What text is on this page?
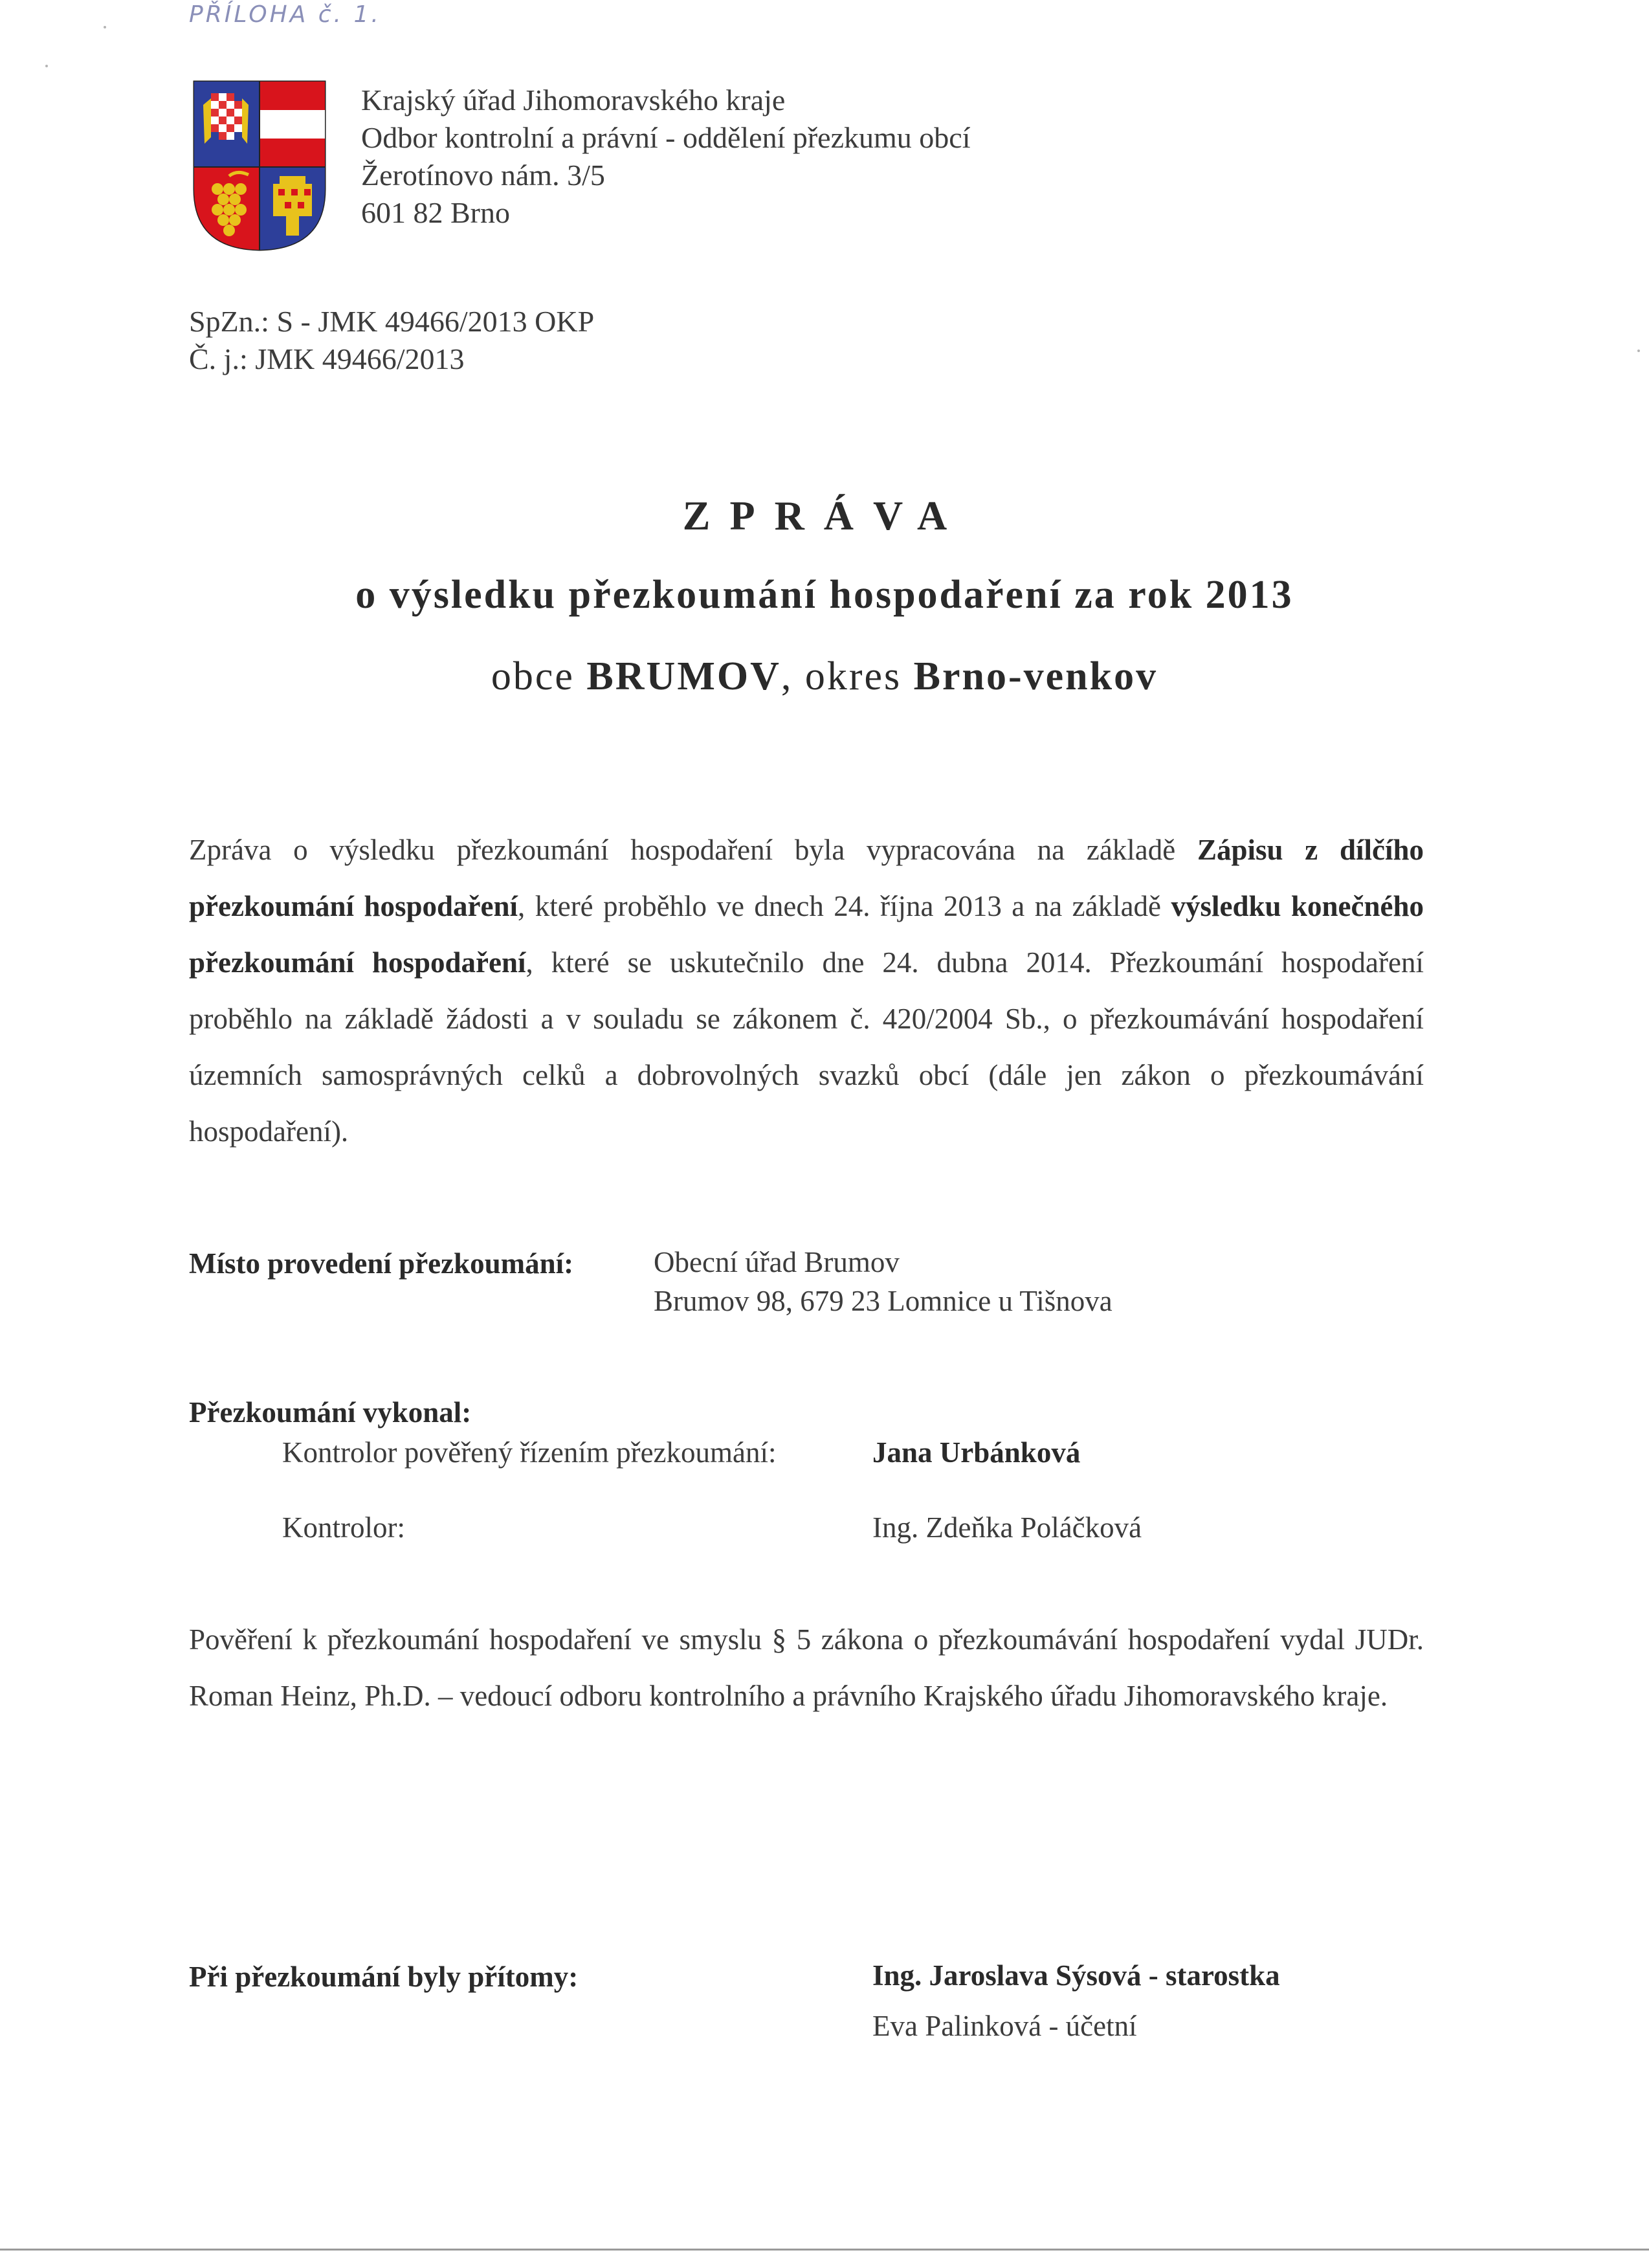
PŘÍLOHA č. 1.
Krajský úřad Jihomoravského kraje
Odbor kontrolní a právní - oddělení přezkumu obcí
Žerotínovo nám. 3/5
601 82 Brno
SpZn.: S - JMK 49466/2013 OKP
Č. j.: JMK 49466/2013
ZPRÁVA
o výsledku přezkoumání hospodaření za rok 2013
obce BRUMOV, okres Brno-venkov
Zpráva o výsledku přezkoumání hospodaření byla vypracována na základě Zápisu z dílčího přezkoumání hospodaření, které proběhlo ve dnech 24. října 2013 a na základě výsledku konečného přezkoumání hospodaření, které se uskutečnilo dne 24. dubna 2014. Přezkoumání hospodaření proběhlo na základě žádosti a v souladu se zákonem č. 420/2004 Sb., o přezkoumávání hospodaření územních samosprávných celků a dobrovolných svazků obcí (dále jen zákon o přezkoumávání hospodaření).
Místo provedení přezkoumání:	Obecní úřad Brumov
Brumov 98, 679 23 Lomnice u Tišnova
Přezkoumání vykonal:
Kontrolor pověřený řízením přezkoumání:	Jana Urbánková
Kontrolor:	Ing. Zdeňka Poláčková
Pověření k přezkoumání hospodaření ve smyslu § 5 zákona o přezkoumávání hospodaření vydal JUDr. Roman Heinz, Ph.D. – vedoucí odboru kontrolního a právního Krajského úřadu Jihomoravského kraje.
Při přezkoumání byly přítomy:	Ing. Jaroslava Sýsová - starostka
Eva Palinková - účetní
